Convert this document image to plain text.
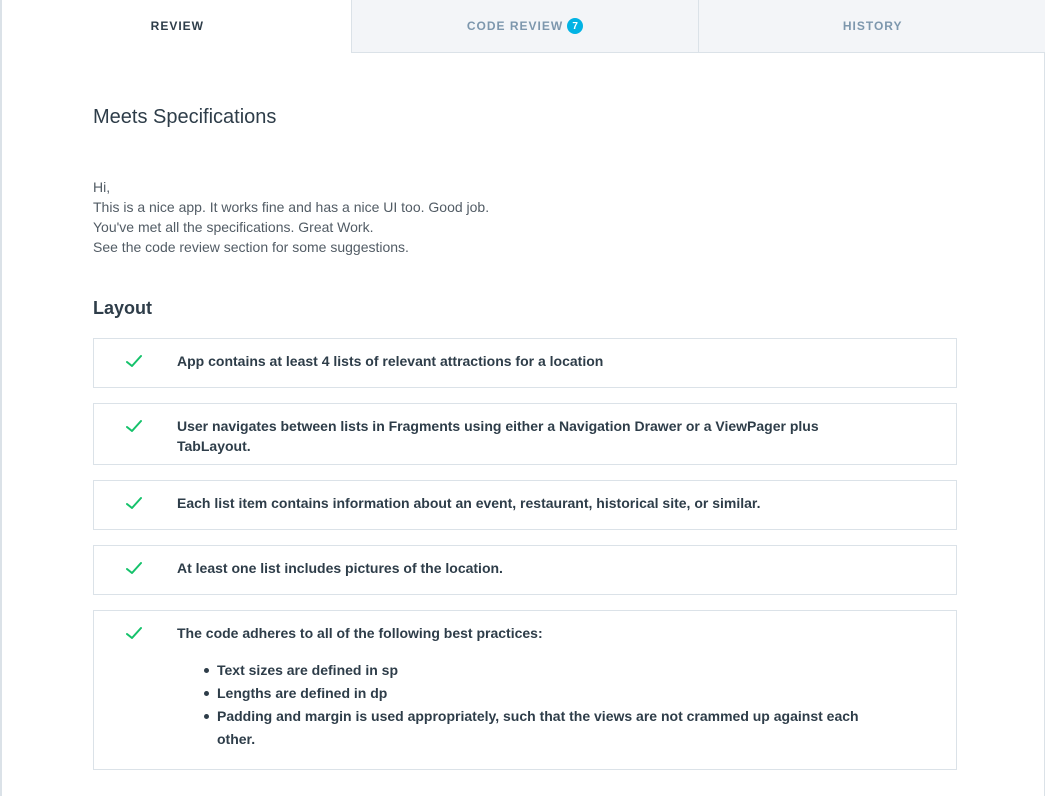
REVIEW	CODE REVIEW 7	HISTORY
Meets Specifications
Hi,
This is a nice app. It works fine and has a nice UI too. Good job.
You've met all the specifications. Great Work.
See the code review section for some suggestions.
Layout
App contains at least 4 lists of relevant attractions for a location
User navigates between lists in Fragments using either a Navigation Drawer or a ViewPager plus TabLayout.
Each list item contains information about an event, restaurant, historical site, or similar.
At least one list includes pictures of the location.
The code adheres to all of the following best practices:
Text sizes are defined in sp
Lengths are defined in dp
Padding and margin is used appropriately, such that the views are not crammed up against each other.
